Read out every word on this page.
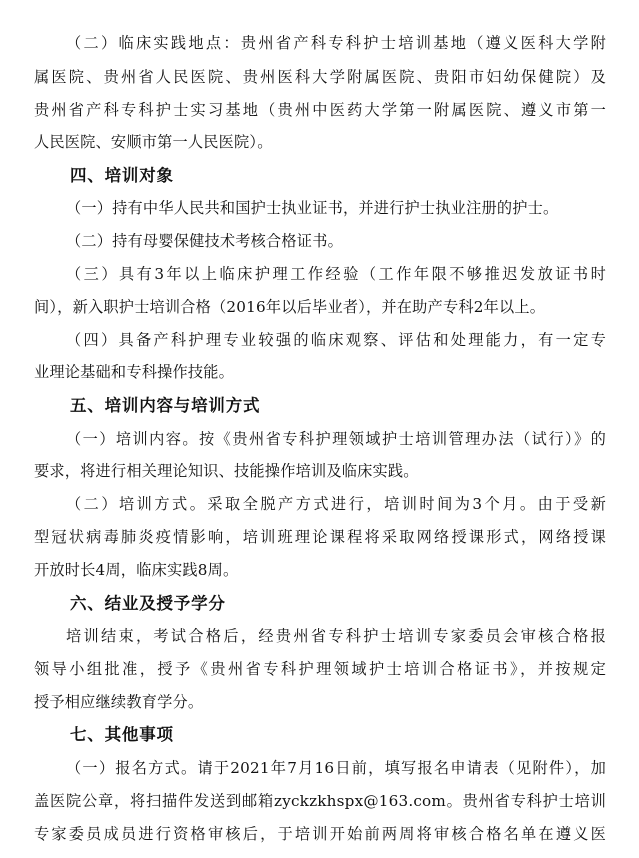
（二）临床实践地点：贵州省产科专科护士培训基地（遵义医科大学附
属医院、贵州省人民医院、贵州医科大学附属医院、贵阳市妇幼保健院）及
贵州省产科专科护士实习基地（贵州中医药大学第一附属医院、遵义市第一
人民医院、安顺市第一人民医院）。
四、培训对象
（一）持有中华人民共和国护士执业证书，并进行护士执业注册的护士。
（二）持有母婴保健技术考核合格证书。
（三）具有3年以上临床护理工作经验（工作年限不够推迟发放证书时
间），新入职护士培训合格（2016年以后毕业者），并在助产专科2年以上。
（四）具备产科护理专业较强的临床观察、评估和处理能力，有一定专
业理论基础和专科操作技能。
五、培训内容与培训方式
（一）培训内容。按《贵州省专科护理领域护士培训管理办法（试行）》的
要求，将进行相关理论知识、技能操作培训及临床实践。
（二）培训方式。采取全脱产方式进行，培训时间为3个月。由于受新
型冠状病毒肺炎疫情影响，培训班理论课程将采取网络授课形式，网络授课
开放时长4周，临床实践8周。
六、结业及授予学分
培训结束，考试合格后，经贵州省专科护士培训专家委员会审核合格报
领导小组批准，授予《贵州省专科护理领域护士培训合格证书》，并按规定
授予相应继续教育学分。
七、其他事项
（一）报名方式。请于2021年7月16日前，填写报名申请表（见附件），加
盖医院公章，将扫描件发送到邮箱zyckzkhspx@163.com。贵州省专科护士培训
专家委员成员进行资格审核后，于培训开始前两周将审核合格名单在遵义医
